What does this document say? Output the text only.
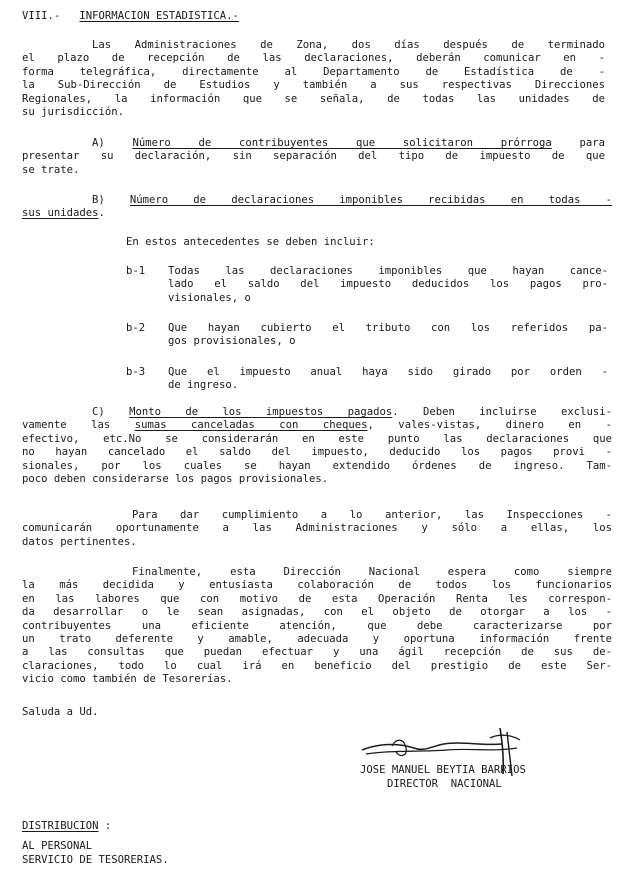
VIII.- INFORMACION ESTADISTICA.-
Las Administraciones de Zona, dos días después de terminado
el plazo de recepción de las declaraciones, deberán comunicar en -
forma telegráfica, directamente al Departamento de Estadística de -
la Sub-Dirección de Estudios y también a sus respectivas Direcciones
Regionales, la información que se señala, de todas las unidades de
su jurisdicción.
A)	Número de contribuyentes que solicitaron prórroga para
presentar su declaración, sin separación del tipo de impuesto de que
se trate.
B) Número de declaraciones imponibles recibidas en todas -
sus unidades.
En estos antecedentes se deben incluir:
b-1 Todas las declaraciones imponibles que hayan cance-
lado el saldo del impuesto deducidos los pagos pro-
visionales, o
b-2 Que hayan cubierto el tributo con los referidos pa-
gos provisionales, o
b-3 Que el impuesto anual haya sido girado por orden -
de ingreso.
C) Monto de los impuestos pagados. Deben incluirse exclusi-
vamente las sumas canceladas con cheques, vales-vistas, dinero en -
efectivo, etc.No se considerarán en este punto las declaraciones que
no hayan cancelado el saldo del impuesto, deducido los pagos provi -
sionales, por los cuales se hayan extendido órdenes de ingreso. Tam-
poco deben considerarse los pagos provisionales.
Para dar cumplimiento a lo anterior, las Inspecciones -
comunicarán oportunamente a las Administraciones y sólo a ellas, los
datos pertinentes.
Finalmente, esta Dirección Nacional espera como siempre
la más decidida y entusiasta colaboración de todos los funcionarios
en las labores que con motivo de esta Operación Renta les correspon-
da desarrollar o le sean asignadas, con el objeto de otorgar a los -
contribuyentes una eficiente atención, que debe caracterizarse por
un trato deferente y amable, adecuada y oportuna información frente
a las consultas que puedan efectuar y una ágil recepción de sus de-
claraciones, todo lo cual irá en beneficio del prestigio de este Ser-
vicio como también de Tesorerías.
Saluda a Ud.
JOSE MANUEL BEYTIA BARRIOS
DIRECTOR  NACIONAL
DISTRIBUCION :
AL PERSONAL
SERVICIO DE TESORERIAS.
